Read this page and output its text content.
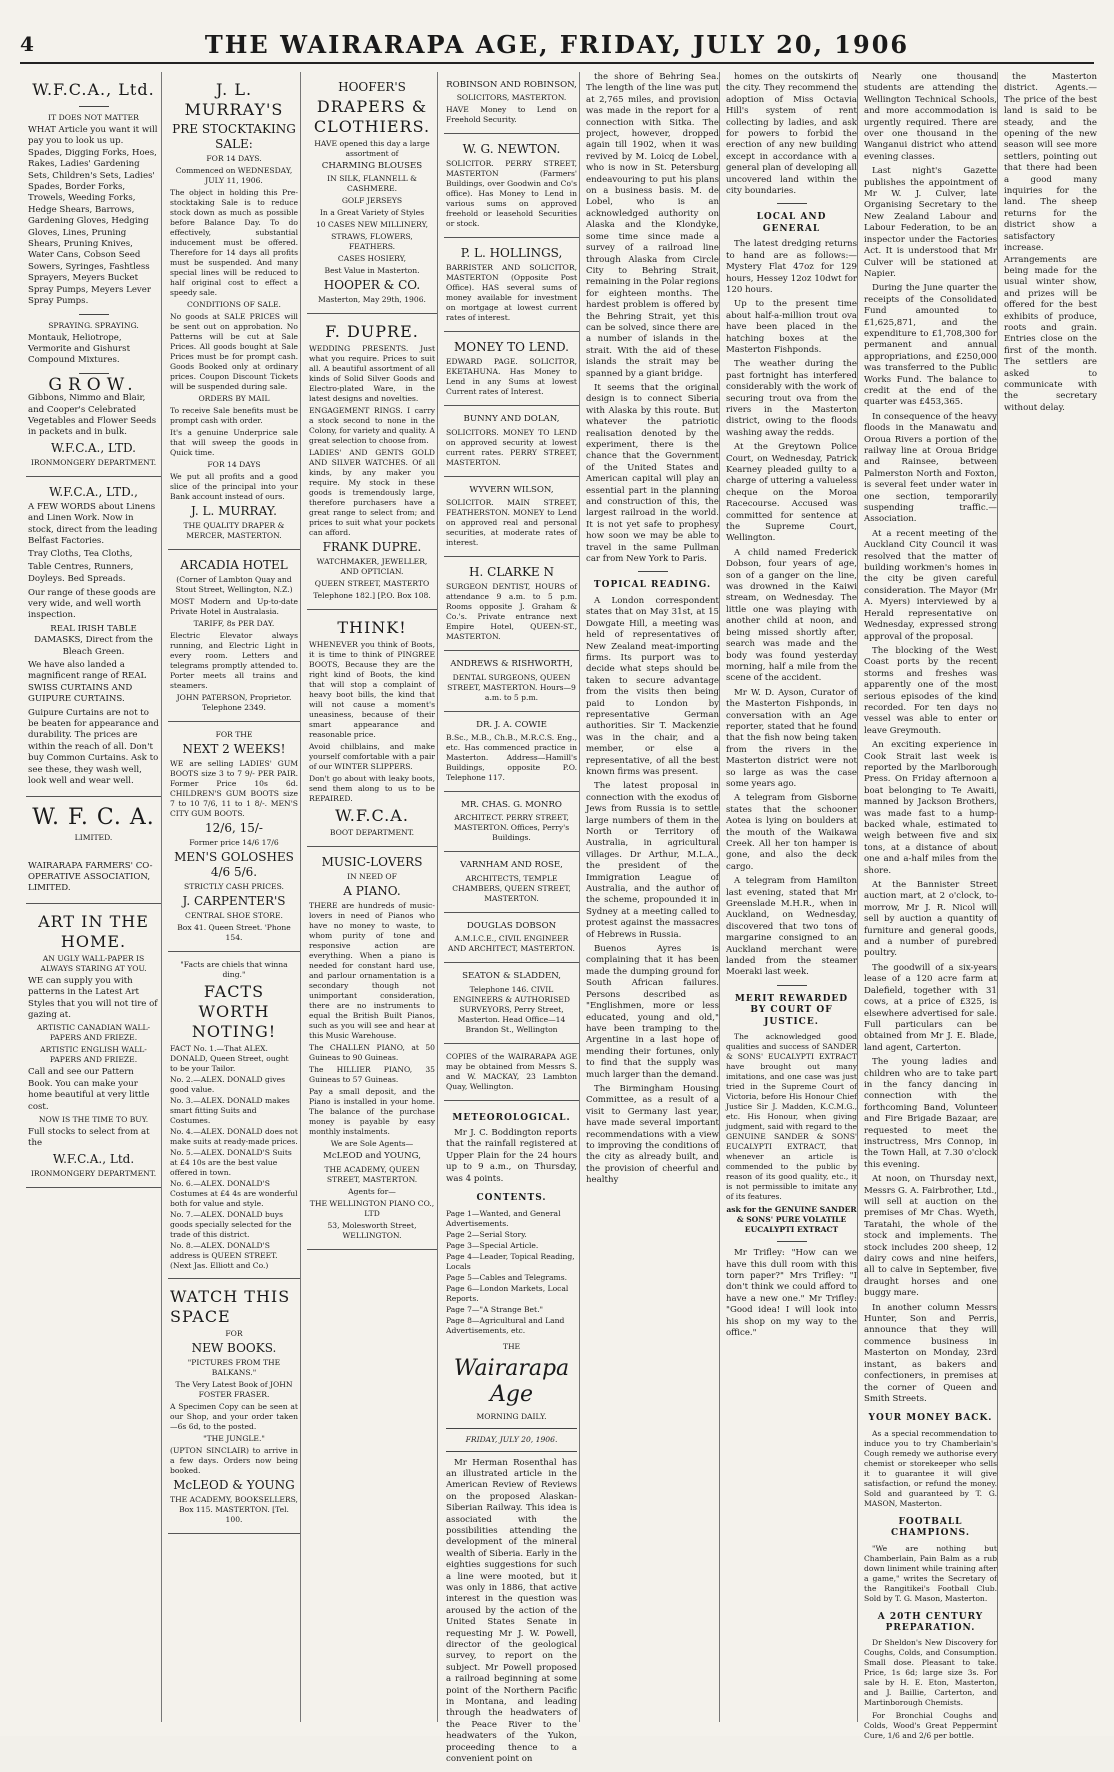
4	THE WAIRARAPA AGE, FRIDAY, JULY 20, 1906

W.F.C.A., Ltd.

IT DOES NOT MATTER

WHAT Article you want it will pay you to look us up. Spades, Digging Forks, Hoes, Rakes, Ladies' Gardening Sets, Children's Sets, Ladies' Spades, Border Forks, Trowels, Weeding Forks, Hedge Shears, Barrows, Gardening Gloves, Hedging Gloves, Lines, Pruning Shears, Pruning Knives, Water Cans, Cobson Seed Sowers, Syringes, Fashtless Sprayers, Meyers Bucket Spray Pumps, Meyers Lever Spray Pumps.

SPRAYING. SPRAYING.

Montauk, Heliotrope, Vermorite and Gishurst Compound Mixtures.

GROW.

Gibbons, Nimmo and Blair, and Cooper's Celebrated Vegetables and Flower Seeds in packets and in bulk.

W.F.C.A., LTD.

IRONMONGERY DEPARTMENT.

W.F.C.A., LTD.,

A FEW WORDS about Linens and Linen Work. Now in stock, direct from the leading Belfast Factories.

Tray Cloths, Tea Cloths,

Table Centres, Runners,

Doyleys. Bed Spreads.

Our range of these goods are very wide, and well worth inspection.

REAL IRISH TABLE DAMASKS, Direct from the Bleach Green.

We have also landed a magnificent range of REAL SWISS CURTAINS AND GUIPURE CURTAINS.

Guipure Curtains are not to be beaten for appearance and durability. The prices are within the reach of all. Don't buy Common Curtains. Ask to see these, they wash well, look well and wear well.

W. F. C. A.

LIMITED.

WAIRARAPA FARMERS' CO-OPERATIVE ASSOCIATION, LIMITED.

ART IN THE HOME.

AN UGLY WALL-PAPER IS ALWAYS STARING AT YOU.

WE can supply you with patterns in the Latest Art Styles that you will not tire of gazing at.

ARTISTIC CANADIAN WALL-PAPERS AND FRIEZE.

ARTISTIC ENGLISH WALL-PAPERS AND FRIEZE.

Call and see our Pattern Book. You can make your home beautiful at very little cost.

NOW IS THE TIME TO BUY.

Full stocks to select from at the

W.F.C.A., Ltd.

IRONMONGERY DEPARTMENT.

J. L. MURRAY'S

PRE STOCKTAKING SALE:

FOR 14 DAYS.

Commenced on WEDNESDAY, JULY 11, 1906.

The object in holding this Pre-stocktaking Sale is to reduce stock down as much as possible before Balance Day. To do effectively, substantial inducement must be offered. Therefore for 14 days all profits must be suspended. And many special lines will be reduced to half original cost to effect a speedy sale.

CONDITIONS OF SALE.

No goods at SALE PRICES will be sent out on approbation. No Patterns will be cut at Sale Prices. All goods bought at Sale Prices must be for prompt cash. Goods Booked only at ordinary prices. Coupon Discount Tickets will be suspended during sale.

ORDERS BY MAIL

To receive Sale benefits must be prompt cash with order.

It's a genuine Underprice sale that will sweep the goods in Quick time.

FOR 14 DAYS

We put all profits and a good slice of the principal into your Bank account instead of ours.

J. L. MURRAY.

THE QUALITY DRAPER & MERCER, MASTERTON.

ARCADIA HOTEL

(Corner of Lambton Quay and Stout Street, Wellington, N.Z.)

MOST Modern and Up-to-date Private Hotel in Australasia.

TARIFF, 8s PER DAY.

Electric Elevator always running, and Electric Light in every room. Letters and telegrams promptly attended to. Porter meets all trains and steamers.

JOHN PATERSON, Proprietor. Telephone 2349.

FOR THE

NEXT 2 WEEKS!

WE are selling LADIES' GUM BOOTS size 3 to 7 9/- PER PAIR. Former Price 10s 6d. CHILDREN'S GUM BOOTS size 7 to 10 7/6, 11 to 1 8/-. MEN'S CITY GUM BOOTS.

12/6, 15/-

Former price 14/6 17/6

MEN'S GOLOSHES 4/6 5/6.

STRICTLY CASH PRICES.

J. CARPENTER'S

CENTRAL SHOE STORE.

Box 41. Queen Street. 'Phone 154.

"Facts are chiels that winna ding."

FACTS WORTH NOTING!

FACT No. 1.—That ALEX. DONALD, Queen Street, ought to be your Tailor.

No. 2.—ALEX. DONALD gives good value.

No. 3.—ALEX. DONALD makes smart fitting Suits and Costumes.

No. 4.—ALEX. DONALD does not make suits at ready-made prices.

No. 5.—ALEX. DONALD'S Suits at £4 10s are the best value offered in town.

No. 6.—ALEX. DONALD'S Costumes at £4 4s are wonderful both for value and style.

No. 7.—ALEX. DONALD buys goods specially selected for the trade of this district.

No. 8.—ALEX. DONALD'S address is QUEEN STREET. (Next Jas. Elliott and Co.)

WATCH THIS SPACE

FOR

NEW BOOKS.

"PICTURES FROM THE BALKANS."

The Very Latest Book of JOHN FOSTER FRASER.

A Specimen Copy can be seen at our Shop, and your order taken—6s 6d, to the posted.

"THE JUNGLE."

(UPTON SINCLAIR) to arrive in a few days. Orders now being booked.

McLEOD & YOUNG

THE ACADEMY, BOOKSELLERS, Box 115. MASTERTON. [Tel. 100.

HOOFER'S

DRAPERS & CLOTHIERS.

HAVE opened this day a large assortment of

CHARMING BLOUSES

IN SILK, FLANNELL & CASHMERE.

GOLF JERSEYS

In a Great Variety of Styles

10 CASES NEW MILLINERY,

STRAWS, FLOWERS, FEATHERS.

CASES HOSIERY,

Best Value in Masterton.

HOOPER & CO.

Masterton, May 29th, 1906.

F. DUPRE.

WEDDING PRESENTS. Just what you require. Prices to suit all. A beautiful assortment of all kinds of Solid Silver Goods and Electro-plated Ware, in the latest designs and novelties.

ENGAGEMENT RINGS. I carry a stock second to none in the Colony, for variety and quality. A great selection to choose from.

LADIES' AND GENTS GOLD AND SILVER WATCHES. Of all kinds, by any maker you require. My stock in these goods is tremendously large, therefore purchasers have a great range to select from; and prices to suit what your pockets can afford.

FRANK DUPRE.

WATCHMAKER, JEWELLER, AND OPTICIAN.

QUEEN STREET, MASTERTO

Telephone 182.] [P.O. Box 108.

THINK!

WHENEVER you think of Boots, it is time to think of PINGREE BOOTS, Because they are the right kind of Boots, the kind that will stop a complaint of heavy boot bills, the kind that will not cause a moment's uneasiness, because of their smart appearance and reasonable price.

Avoid chilblains, and make yourself comfortable with a pair of our WINTER SLIPPERS.

Don't go about with leaky boots, send them along to us to be REPAIRED.

W.F.C.A.

BOOT DEPARTMENT.

MUSIC-LOVERS

IN NEED OF

A PIANO.

THERE are hundreds of music-lovers in need of Pianos who have no money to waste, to whom purity of tone and responsive action are everything. When a piano is needed for constant hard use, and parlour ornamentation is a secondary though not unimportant consideration, there are no instruments to equal the British Built Pianos, such as you will see and hear at this Music Warehouse.

The CHALLEN PIANO, at 50 Guineas to 90 Guineas.

The HILLIER PIANO, 35 Guineas to 57 Guineas.

Pay a small deposit, and the Piano is installed in your home. The balance of the purchase money is payable by easy monthly instalments.

We are Sole Agents—

McLEOD and YOUNG,

THE ACADEMY, QUEEN STREET, MASTERTON.

Agents for—

THE WELLINGTON PIANO CO., LTD

53, Molesworth Street, WELLINGTON.

ROBINSON AND ROBINSON,

SOLICITORS, MASTERTON.

HAVE Money to Lend on Freehold Security.

W. G. NEWTON.

SOLICITOR. PERRY STREET, MASTERTON (Farmers' Buildings, over Goodwin and Co's office). Has Money to Lend in various sums on approved freehold or leasehold Securities or stock.

P. L. HOLLINGS,

BARRISTER AND SOLICITOR, MASTERTON (Opposite Post Office). HAS several sums of money available for investment on mortgage at lowest current rates of interest.

MONEY TO LEND.

EDWARD PAGE. SOLICITOR, EKETAHUNA. Has Money to Lend in any Sums at lowest Current rates of Interest.

BUNNY AND DOLAN,

SOLICITORS. MONEY TO LEND on approved security at lowest current rates. PERRY STREET, MASTERTON.

WYVERN WILSON,

SOLICITOR. MAIN STREET, FEATHERSTON. MONEY to Lend on approved real and personal securities, at moderate rates of interest.

H. CLARKE N

SURGEON DENTIST, HOURS of attendance 9 a.m. to 5 p.m. Rooms opposite J. Graham & Co.'s. Private entrance next Empire Hotel, QUEEN-ST., MASTERTON.

ANDREWS & RISHWORTH,

DENTAL SURGEONS, QUEEN STREET, MASTERTON. Hours—9 a.m. to 5 p.m.

DR. J. A. COWIE

B.Sc., M.B., Ch.B., M.R.C.S. Eng., etc. Has commenced practice in Masterton. Address—Hamill's Buildings, opposite P.O. Telephone 117.

MR. CHAS. G. MONRO

ARCHITECT. PERRY STREET, MASTERTON. Offices, Perry's Buildings.

VARNHAM AND ROSE,

ARCHITECTS, TEMPLE CHAMBERS, QUEEN STREET, MASTERTON.

DOUGLAS DOBSON

A.M.I.C.E., CIVIL ENGINEER AND ARCHITECT, MASTERTON.

SEATON & SLADDEN,

Telephone 146. CIVIL ENGINEERS & AUTHORISED SURVEYORS, Perry Street, Masterton. Head Office—14 Brandon St., Wellington

COPIES of the WAIRARAPA AGE may be obtained from Messrs S. and W. MACKAY, 23 Lambton Quay, Wellington.

METEOROLOGICAL.

Mr J. C. Boddington reports that the rainfall registered at Upper Plain for the 24 hours up to 9 a.m., on Thursday, was 4 points.

CONTENTS.

Page 1—Wanted, and General Advertisements.

Page 2—Serial Story.

Page 3—Special Article.

Page 4—Leader, Topical Reading, Locals

Page 5—Cables and Telegrams.

Page 6—London Markets, Local Reports.

Page 7—"A Strange Bet."

Page 8—Agricultural and Land Advertisements, etc.

THE

Wairarapa Age

MORNING DAILY.

FRIDAY, JULY 20, 1906.

Mr Herman Rosenthal has an illustrated article in the American Review of Reviews on the proposed Alaskan-Siberian Railway. This idea is associated with the possibilities attending the development of the mineral wealth of Siberia. Early in the eighties suggestions for such a line were mooted, but it was only in 1886, that active interest in the question was aroused by the action of the United States Senate in requesting Mr J. W. Powell, director of the geological survey, to report on the subject. Mr Powell proposed a railroad beginning at some point of the Northern Pacific in Montana, and leading through the headwaters of the Peace River to the headwaters of the Yukon, proceeding thence to a convenient point on

the shore of Behring Sea. The length of the line was put at 2,765 miles, and provision was made in the report for a connection with Sitka. The project, however, dropped again till 1902, when it was revived by M. Loicq de Lobel, who is now in St. Petersburg endeavouring to put his plans on a business basis. M. de Lobel, who is an acknowledged authority on Alaska and the Klondyke, some time since made a survey of a railroad line through Alaska from Circle City to Behring Strait, remaining in the Polar regions for eighteen months. The hardest problem is offered by the Behring Strait, yet this can be solved, since there are a number of islands in the strait. With the aid of these islands the strait may be spanned by a giant bridge.

It seems that the original design is to connect Siberia with Alaska by this route. But whatever the patriotic realisation denoted by the experiment, there is the chance that the Government of the United States and American capital will play an essential part in the planning and construction of this, the largest railroad in the world. It is not yet safe to prophesy how soon we may be able to travel in the same Pullman car from New York to Paris.

TOPICAL READING.

A London correspondent states that on May 31st, at 15 Dowgate Hill, a meeting was held of representatives of New Zealand meat-importing firms. Its purport was to decide what steps should be taken to secure advantage from the visits then being paid to London by representative German authorities. Sir T. Mackenzie was in the chair, and a member, or else a representative, of all the best known firms was present.

The latest proposal in connection with the exodus of Jews from Russia is to settle large numbers of them in the North or Territory of Australia, in agricultural villages. Dr Arthur, M.L.A., the president of the Immigration League of Australia, and the author of the scheme, propounded it in Sydney at a meeting called to protest against the massacres of Hebrews in Russia.

Buenos Ayres is complaining that it has been made the dumping ground for South African failures. Persons described as "Englishmen, more or less educated, young and old," have been tramping to the Argentine in a last hope of mending their fortunes, only to find that the supply was much larger than the demand.

The Birmingham Housing Committee, as a result of a visit to Germany last year, have made several important recommendations with a view to improving the conditions of the city as already built, and the provision of cheerful and healthy

homes on the outskirts of the city. They recommend the adoption of Miss Octavia Hill's system of rent collecting by ladies, and ask for powers to forbid the erection of any new building except in accordance with a general plan of developing all uncovered land within the city boundaries.

LOCAL AND GENERAL

The latest dredging returns to hand are as follows:—Mystery Flat 47oz for 129 hours, Hessey 12oz 10dwt for 120 hours.

Up to the present time about half-a-million trout ova have been placed in the hatching boxes at the Masterton Fishponds.

The weather during the past fortnight has interfered considerably with the work of securing trout ova from the rivers in the Masterton district, owing to the floods washing away the redds.

At the Greytown Police Court, on Wednesday, Patrick Kearney pleaded guilty to a charge of uttering a valueless cheque on the Moroa Racecourse. Accused was committed for sentence at the Supreme Court, Wellington.

A child named Frederick Dobson, four years of age, son of a ganger on the line, was drowned in the Kaiwi stream, on Wednesday. The little one was playing with another child at noon, and being missed shortly after, search was made and the body was found yesterday morning, half a mile from the scene of the accident.

Mr W. D. Ayson, Curator of the Masterton Fishponds, in conversation with an Age reporter, stated that he found that the fish now being taken from the rivers in the Masterton district were not so large as was the case some years ago.

A telegram from Gisborne states that the schooner Aotea is lying on boulders at the mouth of the Waikawa Creek. All her ton hamper is gone, and also the deck cargo.

A telegram from Hamilton last evening, stated that Mr Greenslade M.H.R., when in Auckland, on Wednesday, discovered that two tons of margarine consigned to an Auckland merchant were landed from the steamer Moeraki last week.

MERIT REWARDED BY COURT OF JUSTICE.

The acknowledged good qualities and success of SANDER & SONS' EUCALYPTI EXTRACT have brought out many imitations, and one case was just tried in the Supreme Court of Victoria, before His Honour Chief Justice Sir J. Madden, K.C.M.G., etc. His Honour, when giving judgment, said with regard to the GENUINE SANDER & SONS' EUCALYPTI EXTRACT, that whenever an article is commended to the public by reason of its good quality, etc., it is not permissible to imitate any of its features.

ask for the GENUINE SANDER & SONS' PURE VOLATILE EUCALYPTI EXTRACT

Mr Trifley: "How can we have this dull room with this torn paper?" Mrs Trifley: "I don't think we could afford to have a new one." Mr Trifley: "Good idea! I will look into his shop on my way to the office."

Nearly one thousand students are attending the Wellington Technical Schools, and more accommodation is urgently required. There are over one thousand in the Wanganui district who attend evening classes.

Last night's Gazette publishes the appointment of Mr W. J. Culver, late Organising Secretary to the New Zealand Labour and Labour Federation, to be an inspector under the Factories Act. It is understood that Mr Culver will be stationed at Napier.

During the June quarter the receipts of the Consolidated Fund amounted to £1,625,871, and the expenditure to £1,708,300 for permanent and annual appropriations, and £250,000 was transferred to the Public Works Fund. The balance to credit at the end of the quarter was £453,365.

In consequence of the heavy floods in the Manawatu and Oroua Rivers a portion of the railway line at Oroua Bridge and Rainsee, between Palmerston North and Foxton, is several feet under water in one section, temporarily suspending traffic.—Association.

At a recent meeting of the Auckland City Council it was resolved that the matter of building workmen's homes in the city be given careful consideration. The Mayor (Mr A. Myers) interviewed by a Herald representative on Wednesday, expressed strong approval of the proposal.

The blocking of the West Coast ports by the recent storms and freshes was apparently one of the most serious episodes of the kind recorded. For ten days no vessel was able to enter or leave Greymouth.

An exciting experience in Cook Strait last week is reported by the Marlborough Press. On Friday afternoon a boat belonging to Te Awaiti, manned by Jackson Brothers, was made fast to a hump-backed whale, estimated to weigh between five and six tons, at a distance of about one and a-half miles from the shore.

At the Bannister Street auction mart, at 2 o'clock, to-morrow, Mr J. R. Nicol will sell by auction a quantity of furniture and general goods, and a number of purebred poultry.

The goodwill of a six-years lease of a 120 acre farm at Dalefield, together with 31 cows, at a price of £325, is elsewhere advertised for sale. Full particulars can be obtained from Mr J. E. Blade, land agent, Carterton.

The young ladies and children who are to take part in the fancy dancing in connection with the forthcoming Band, Volunteer and Fire Brigade Bazaar, are requested to meet the instructress, Mrs Connop, in the Town Hall, at 7.30 o'clock this evening.

At noon, on Thursday next, Messrs G. A. Fairbrother, Ltd., will sell at auction on the premises of Mr Chas. Wyeth, Taratahi, the whole of the stock and implements. The stock includes 200 sheep, 12 dairy cows and nine heifers, all to calve in September, five draught horses and one buggy mare.

In another column Messrs Hunter, Son and Perris, announce that they will commence business in Masterton on Monday, 23rd instant, as bakers and confectioners, in premises at the corner of Queen and Smith Streets.

YOUR MONEY BACK.

As a special recommendation to induce you to try Chamberlain's Cough remedy we authorise every chemist or storekeeper who sells it to guarantee it will give satisfaction, or refund the money. Sold and guaranteed by T. G. MASON, Masterton.

FOOTBALL CHAMPIONS.

"We are nothing but Chamberlain, Pain Balm as a rub down liniment while training after a game," writes the Secretary of the Rangitikei's Football Club. Sold by T. G. Mason, Masterton.

A 20TH CENTURY PREPARATION.

Dr Sheldon's New Discovery for Coughs, Colds, and Consumption. Small dose. Pleasant to take. Price, 1s 6d; large size 3s. For sale by H. E. Eton, Masterton, and J. Baillie, Carterton, and Martinborough Chemists.

For Bronchial Coughs and Colds, Wood's Great Peppermint Cure, 1/6 and 2/6 per bottle.

the Masterton district. Agents.—The price of the best land is said to be steady, and the opening of the new season will see more settlers, pointing out that there had been a good many inquiries for the land. The sheep returns for the district show a satisfactory increase. Arrangements are being made for the usual winter show, and prizes will be offered for the best exhibits of produce, roots and grain. Entries close on the first of the month. The settlers are asked to communicate with the secretary without delay.
